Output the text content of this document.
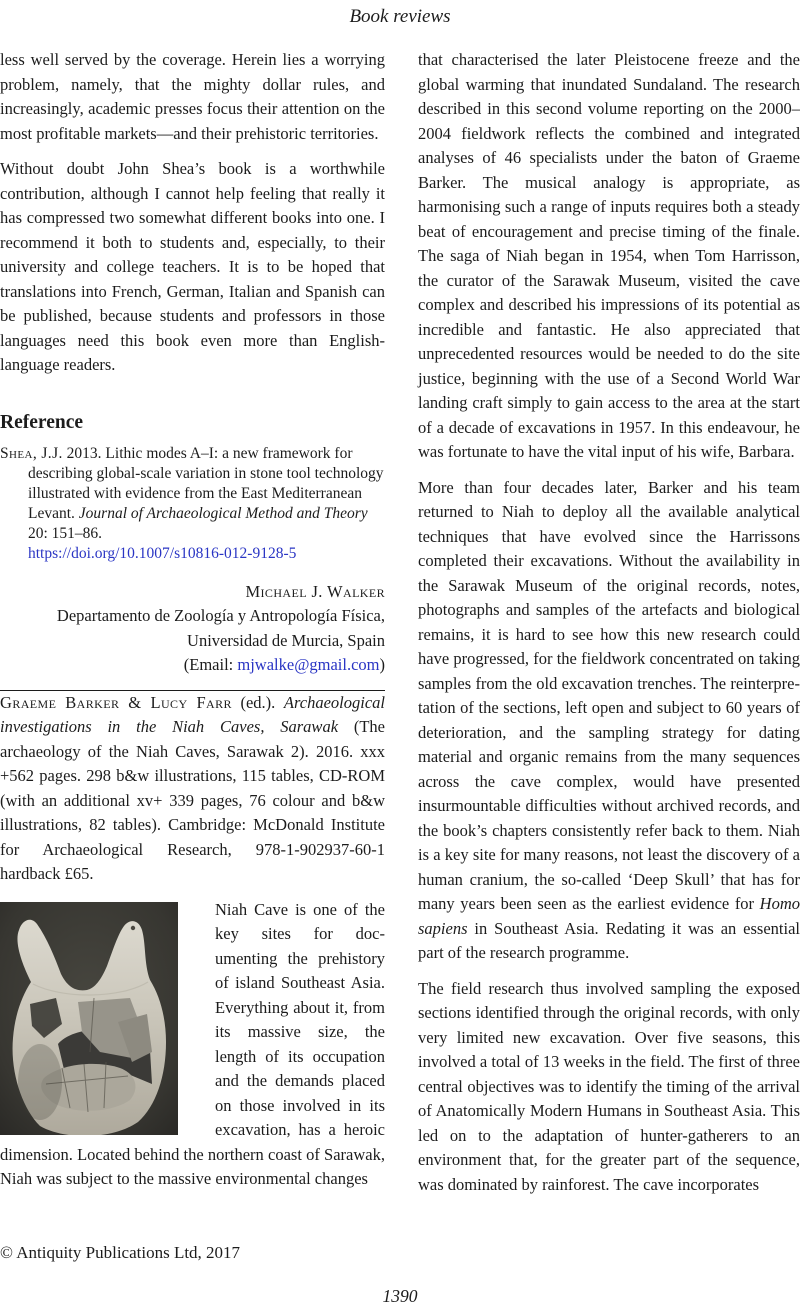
Book reviews

less well served by the coverage. Herein lies a worrying problem, namely, that the mighty dollar rules, and increasingly, academic presses focus their attention on the most profitable markets—and their prehistoric territories.

Without doubt John Shea’s book is a worthwhile contribution, although I cannot help feeling that really it has compressed two somewhat different books into one. I recommend it both to students and, especially, to their university and college teachers. It is to be hoped that translations into French, German, Italian and Spanish can be published, because students and professors in those languages need this book even more than English-language readers.

Reference

Shea, J.J. 2013. Lithic modes A–I: a new framework for describing global-scale variation in stone tool technology illustrated with evidence from the East Mediterranean Levant. Journal of Archaeological Method and Theory 20: 151–86.
https://doi.org/10.1007/s10816-012-9128-5

Michael J. Walker
Departamento de Zoología y Antropología Física,
Universidad de Murcia, Spain
(Email: mjwalke@gmail.com)

Graeme Barker & Lucy Farr (ed.). Archaeological investigations in the Niah Caves, Sarawak (The archaeology of the Niah Caves, Sarawak 2). 2016. xxx +562 pages. 298 b&w illustrations, 115 tables, CD-ROM (with an additional xv+ 339 pages, 76 colour and b&w illustrations, 82 tables). Cambridge: McDonald Institute for Archaeological Research, 978-1-902937-60-1 hardback £65.

Niah Cave is one of the key sites for documenting the prehistory of island Southeast Asia. Everything about it, from its massive size, the length of its occupation and the demands placed on those involved in its excavation, has a heroic dimension. Located behind the northern coast of Sarawak, Niah was subject to the massive environmental changes

that characterised the later Pleistocene freeze and the global warming that inundated Sundaland. The research described in this second volume reporting on the 2000–2004 fieldwork reflects the combined and integrated analyses of 46 specialists under the baton of Graeme Barker. The musical analogy is appropriate, as harmonising such a range of inputs requires both a steady beat of encouragement and precise timing of the finale. The saga of Niah began in 1954, when Tom Harrisson, the curator of the Sarawak Museum, visited the cave complex and described his impressions of its potential as incredible and fantastic. He also appreciated that unprecedented resources would be needed to do the site justice, beginning with the use of a Second World War landing craft simply to gain access to the area at the start of a decade of excavations in 1957. In this endeavour, he was fortunate to have the vital input of his wife, Barbara.

More than four decades later, Barker and his team returned to Niah to deploy all the available analytical techniques that have evolved since the Harrissons completed their excavations. Without the availability in the Sarawak Museum of the original records, notes, photographs and samples of the artefacts and biological remains, it is hard to see how this new research could have progressed, for the fieldwork concentrated on taking samples from the old excavation trenches. The reinterpretation of the sections, left open and subject to 60 years of deterioration, and the sampling strategy for dating material and organic remains from the many sequences across the cave complex, would have presented insurmountable difficulties without archived records, and the book’s chapters consistently refer back to them. Niah is a key site for many reasons, not least the discovery of a human cranium, the so-called ‘Deep Skull’ that has for many years been seen as the earliest evidence for Homo sapiens in Southeast Asia. Redating it was an essential part of the research programme.

The field research thus involved sampling the exposed sections identified through the original records, with only very limited new excavation. Over five seasons, this involved a total of 13 weeks in the field. The first of three central objectives was to identify the timing of the arrival of Anatomically Modern Humans in Southeast Asia. This led on to the adaptation of hunter-gatherers to an environment that, for the greater part of the sequence, was dominated by rainforest. The cave incorporates

© Antiquity Publications Ltd, 2017
1390
